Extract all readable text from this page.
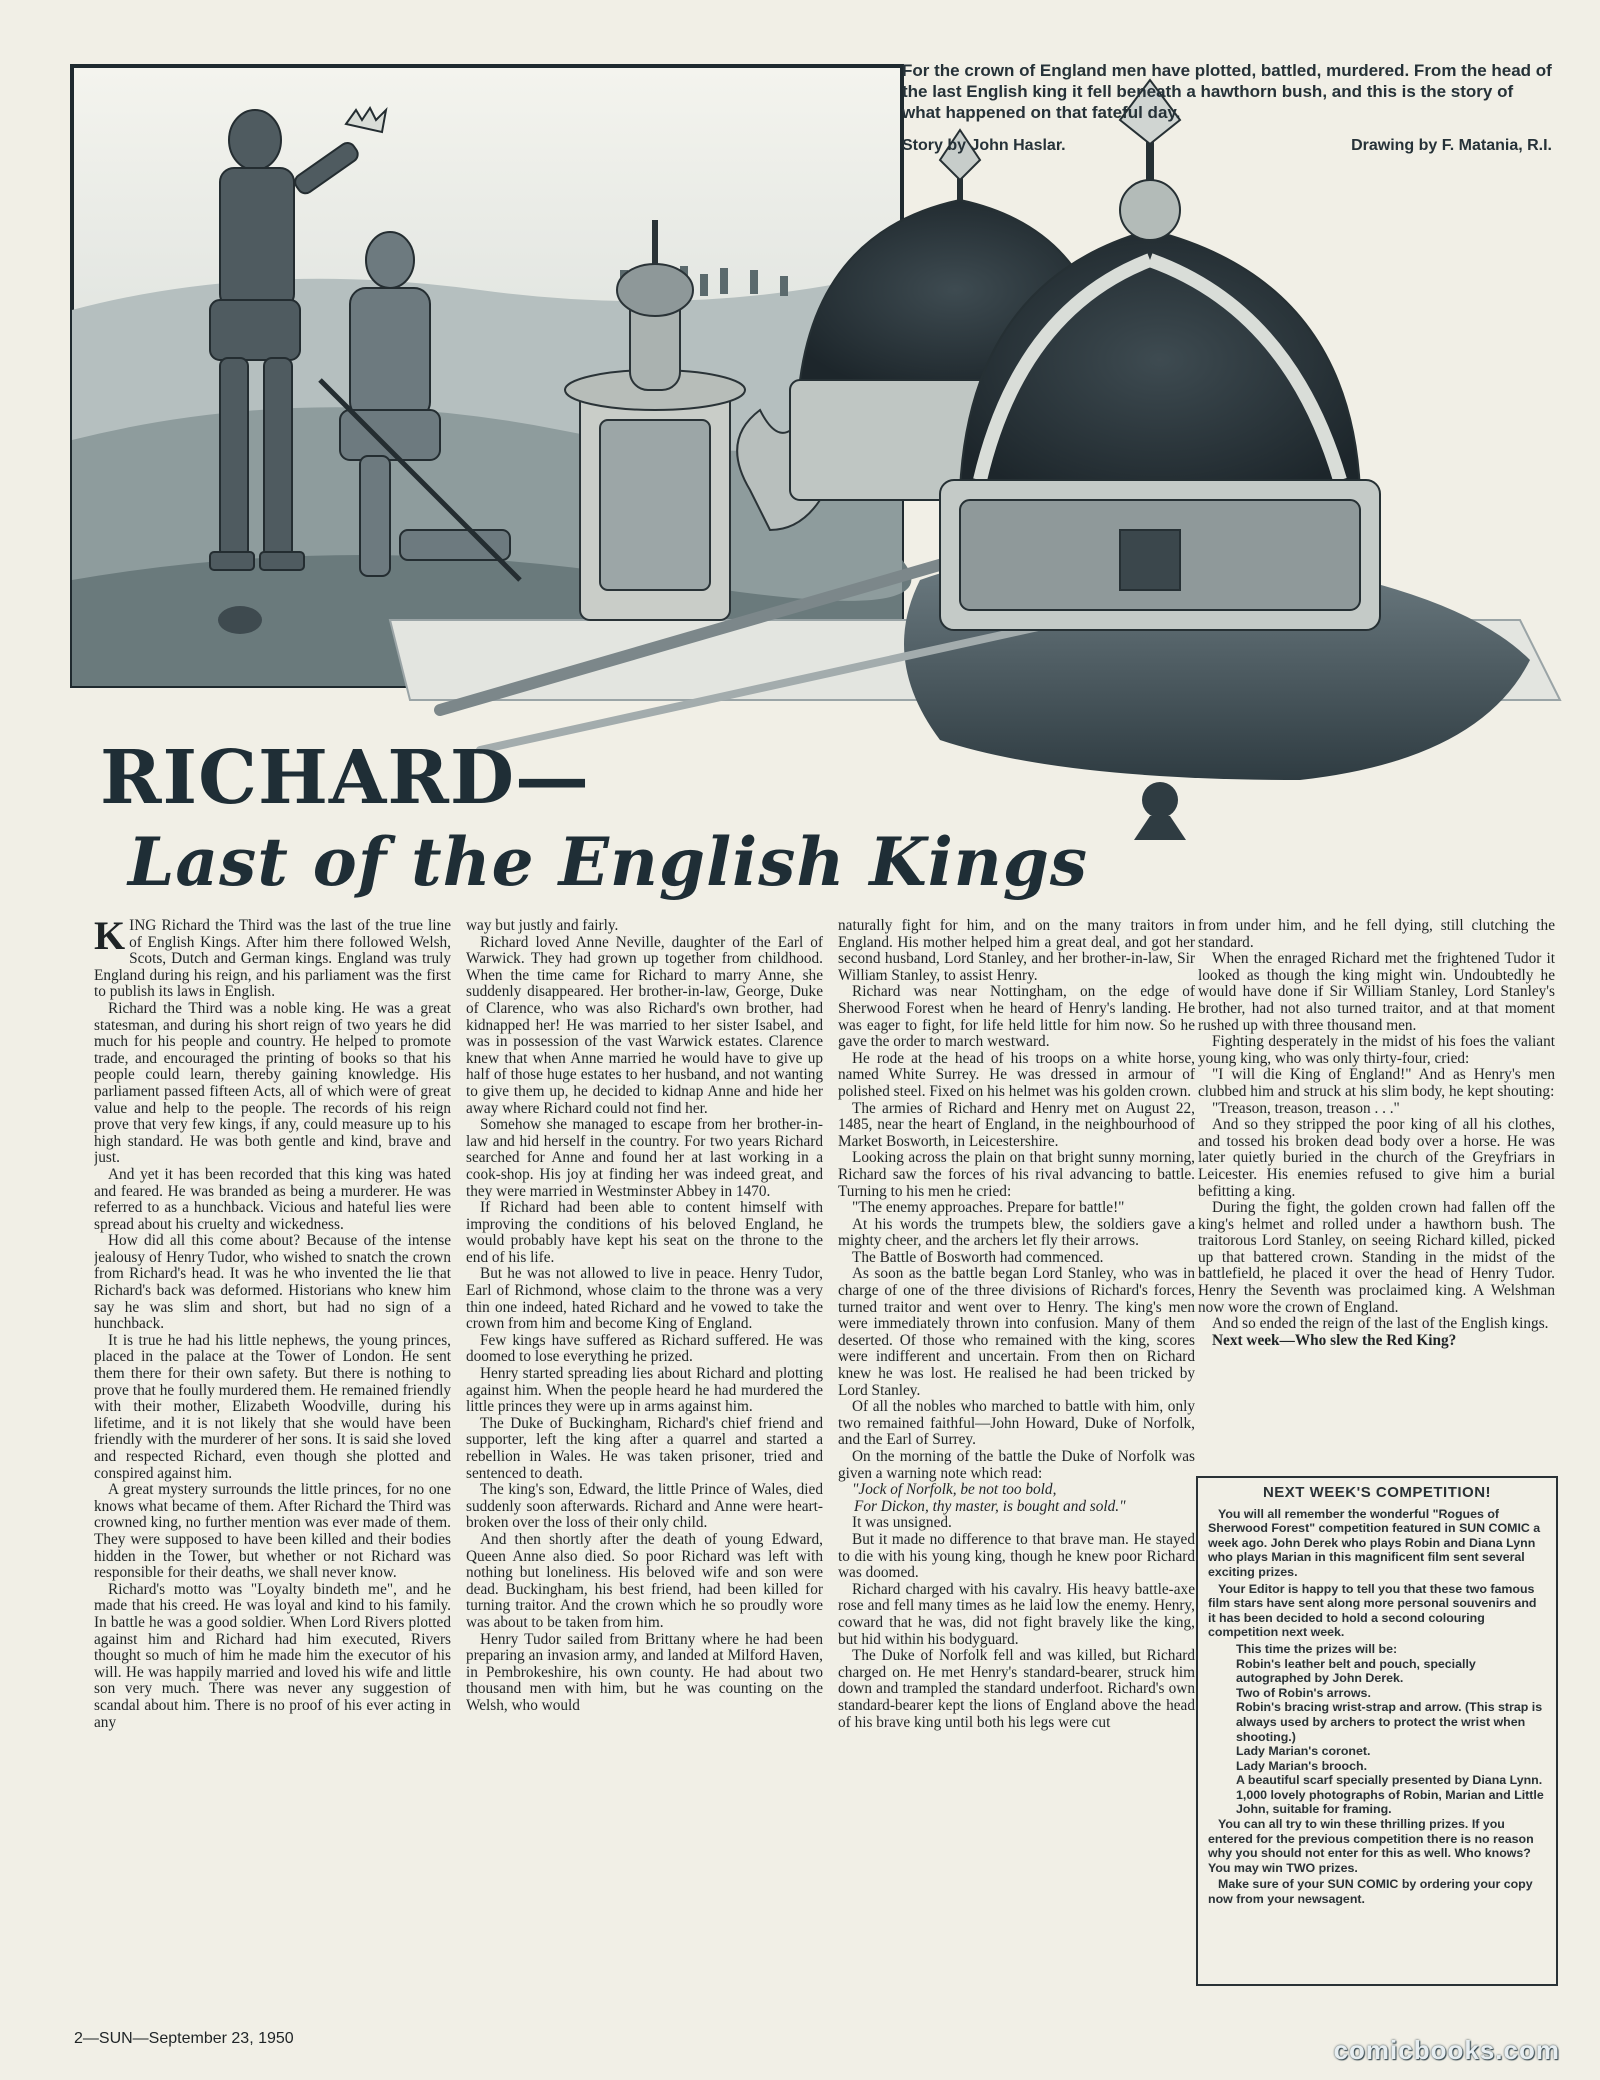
For the crown of England men have plotted, battled, murdered. From the head of the last English king it fell beneath a hawthorn bush, and this is the story of what happened on that fateful day.

Story by John Haslar.	Drawing by F. Matania, R.I.
RICHARD—
Last of the English Kings

KING Richard the Third was the last of the true line of English Kings. After him there followed Welsh, Scots, Dutch and German kings. England was truly England during his reign, and his parliament was the first to publish its laws in English.

Richard the Third was a noble king. He was a great statesman, and during his short reign of two years he did much for his people and country. He helped to promote trade, and encouraged the printing of books so that his people could learn, thereby gaining knowledge. His parliament passed fifteen Acts, all of which were of great value and help to the people. The records of his reign prove that very few kings, if any, could measure up to his high standard. He was both gentle and kind, brave and just.

And yet it has been recorded that this king was hated and feared. He was branded as being a murderer. He was referred to as a hunchback. Vicious and hateful lies were spread about his cruelty and wickedness.

How did all this come about? Because of the intense jealousy of Henry Tudor, who wished to snatch the crown from Richard's head. It was he who invented the lie that Richard's back was deformed. Historians who knew him say he was slim and short, but had no sign of a hunchback.

It is true he had his little nephews, the young princes, placed in the palace at the Tower of London. He sent them there for their own safety. But there is nothing to prove that he foully murdered them. He remained friendly with their mother, Elizabeth Woodville, during his lifetime, and it is not likely that she would have been friendly with the murderer of her sons. It is said she loved and respected Richard, even though she plotted and conspired against him.

A great mystery surrounds the little princes, for no one knows what became of them. After Richard the Third was crowned king, no further mention was ever made of them. They were supposed to have been killed and their bodies hidden in the Tower, but whether or not Richard was responsible for their deaths, we shall never know.

Richard's motto was "Loyalty bindeth me", and he made that his creed. He was loyal and kind to his family. In battle he was a good soldier. When Lord Rivers plotted against him and Richard had him executed, Rivers thought so much of him he made him the executor of his will. He was happily married and loved his wife and little son very much. There was never any suggestion of scandal about him. There is no proof of his ever acting in any

way but justly and fairly.

Richard loved Anne Neville, daughter of the Earl of Warwick. They had grown up together from childhood. When the time came for Richard to marry Anne, she suddenly disappeared. Her brother-in-law, George, Duke of Clarence, who was also Richard's own brother, had kidnapped her! He was married to her sister Isabel, and was in possession of the vast Warwick estates. Clarence knew that when Anne married he would have to give up half of those huge estates to her husband, and not wanting to give them up, he decided to kidnap Anne and hide her away where Richard could not find her.

Somehow she managed to escape from her brother-in-law and hid herself in the country. For two years Richard searched for Anne and found her at last working in a cook-shop. His joy at finding her was indeed great, and they were married in Westminster Abbey in 1470.

If Richard had been able to content himself with improving the conditions of his beloved England, he would probably have kept his seat on the throne to the end of his life.

But he was not allowed to live in peace. Henry Tudor, Earl of Richmond, whose claim to the throne was a very thin one indeed, hated Richard and he vowed to take the crown from him and become King of England.

Few kings have suffered as Richard suffered. He was doomed to lose everything he prized.

Henry started spreading lies about Richard and plotting against him. When the people heard he had murdered the little princes they were up in arms against him.

The Duke of Buckingham, Richard's chief friend and supporter, left the king after a quarrel and started a rebellion in Wales. He was taken prisoner, tried and sentenced to death.

The king's son, Edward, the little Prince of Wales, died suddenly soon afterwards. Richard and Anne were heart-broken over the loss of their only child.

And then shortly after the death of young Edward, Queen Anne also died. So poor Richard was left with nothing but loneliness. His beloved wife and son were dead. Buckingham, his best friend, had been killed for turning traitor. And the crown which he so proudly wore was about to be taken from him.

Henry Tudor sailed from Brittany where he had been preparing an invasion army, and landed at Milford Haven, in Pembrokeshire, his own county. He had about two thousand men with him, but he was counting on the Welsh, who would

naturally fight for him, and on the many traitors in England. His mother helped him a great deal, and got her second husband, Lord Stanley, and her brother-in-law, Sir William Stanley, to assist Henry.

Richard was near Nottingham, on the edge of Sherwood Forest when he heard of Henry's landing. He was eager to fight, for life held little for him now. So he gave the order to march westward.

He rode at the head of his troops on a white horse, named White Surrey. He was dressed in armour of polished steel. Fixed on his helmet was his golden crown.

The armies of Richard and Henry met on August 22, 1485, near the heart of England, in the neighbourhood of Market Bosworth, in Leicestershire.

Looking across the plain on that bright sunny morning, Richard saw the forces of his rival advancing to battle. Turning to his men he cried:

"The enemy approaches. Prepare for battle!"

At his words the trumpets blew, the soldiers gave a mighty cheer, and the archers let fly their arrows.

The Battle of Bosworth had commenced.

As soon as the battle began Lord Stanley, who was in charge of one of the three divisions of Richard's forces, turned traitor and went over to Henry. The king's men were immediately thrown into confusion. Many of them deserted. Of those who remained with the king, scores were indifferent and uncertain. From then on Richard knew he was lost. He realised he had been tricked by Lord Stanley.

Of all the nobles who marched to battle with him, only two remained faithful—John Howard, Duke of Norfolk, and the Earl of Surrey.

On the morning of the battle the Duke of Norfolk was given a warning note which read:

"Jock of Norfolk, be not too bold,

For Dickon, thy master, is bought and sold."

It was unsigned.

But it made no difference to that brave man. He stayed to die with his young king, though he knew poor Richard was doomed.

Richard charged with his cavalry. His heavy battle-axe rose and fell many times as he laid low the enemy. Henry, coward that he was, did not fight bravely like the king, but hid within his bodyguard.

The Duke of Norfolk fell and was killed, but Richard charged on. He met Henry's standard-bearer, struck him down and trampled the standard underfoot. Richard's own standard-bearer kept the lions of England above the head of his brave king until both his legs were cut

from under him, and he fell dying, still clutching the standard.

When the enraged Richard met the frightened Tudor it looked as though the king might win. Undoubtedly he would have done if Sir William Stanley, Lord Stanley's brother, had not also turned traitor, and at that moment rushed up with three thousand men.

Fighting desperately in the midst of his foes the valiant young king, who was only thirty-four, cried:

"I will die King of England!" And as Henry's men clubbed him and struck at his slim body, he kept shouting:

"Treason, treason, treason . . ."

And so they stripped the poor king of all his clothes, and tossed his broken dead body over a horse. He was later quietly buried in the church of the Greyfriars in Leicester. His enemies refused to give him a burial befitting a king.

During the fight, the golden crown had fallen off the king's helmet and rolled under a hawthorn bush. The traitorous Lord Stanley, on seeing Richard killed, picked up that battered crown. Standing in the midst of the battlefield, he placed it over the head of Henry Tudor. Henry the Seventh was proclaimed king. A Welshman now wore the crown of England.

And so ended the reign of the last of the English kings.

Next week—Who slew the Red King?

NEXT WEEK'S COMPETITION!

You will all remember the wonderful "Rogues of Sherwood Forest" competition featured in SUN COMIC a week ago. John Derek who plays Robin and Diana Lynn who plays Marian in this magnificent film sent several exciting prizes.

Your Editor is happy to tell you that these two famous film stars have sent along more personal souvenirs and it has been decided to hold a second colouring competition next week.

This time the prizes will be:
Robin's leather belt and pouch, specially autographed by John Derek.
Two of Robin's arrows.
Robin's bracing wrist-strap and arrow. (This strap is always used by archers to protect the wrist when shooting.)
Lady Marian's coronet.
Lady Marian's brooch.
A beautiful scarf specially presented by Diana Lynn.
1,000 lovely photographs of Robin, Marian and Little John, suitable for framing.

You can all try to win these thrilling prizes. If you entered for the previous competition there is no reason why you should not enter for this as well. Who knows? You may win TWO prizes.

Make sure of your SUN COMIC by ordering your copy now from your newsagent.

2—SUN—September 23, 1950	comicbooks.com
